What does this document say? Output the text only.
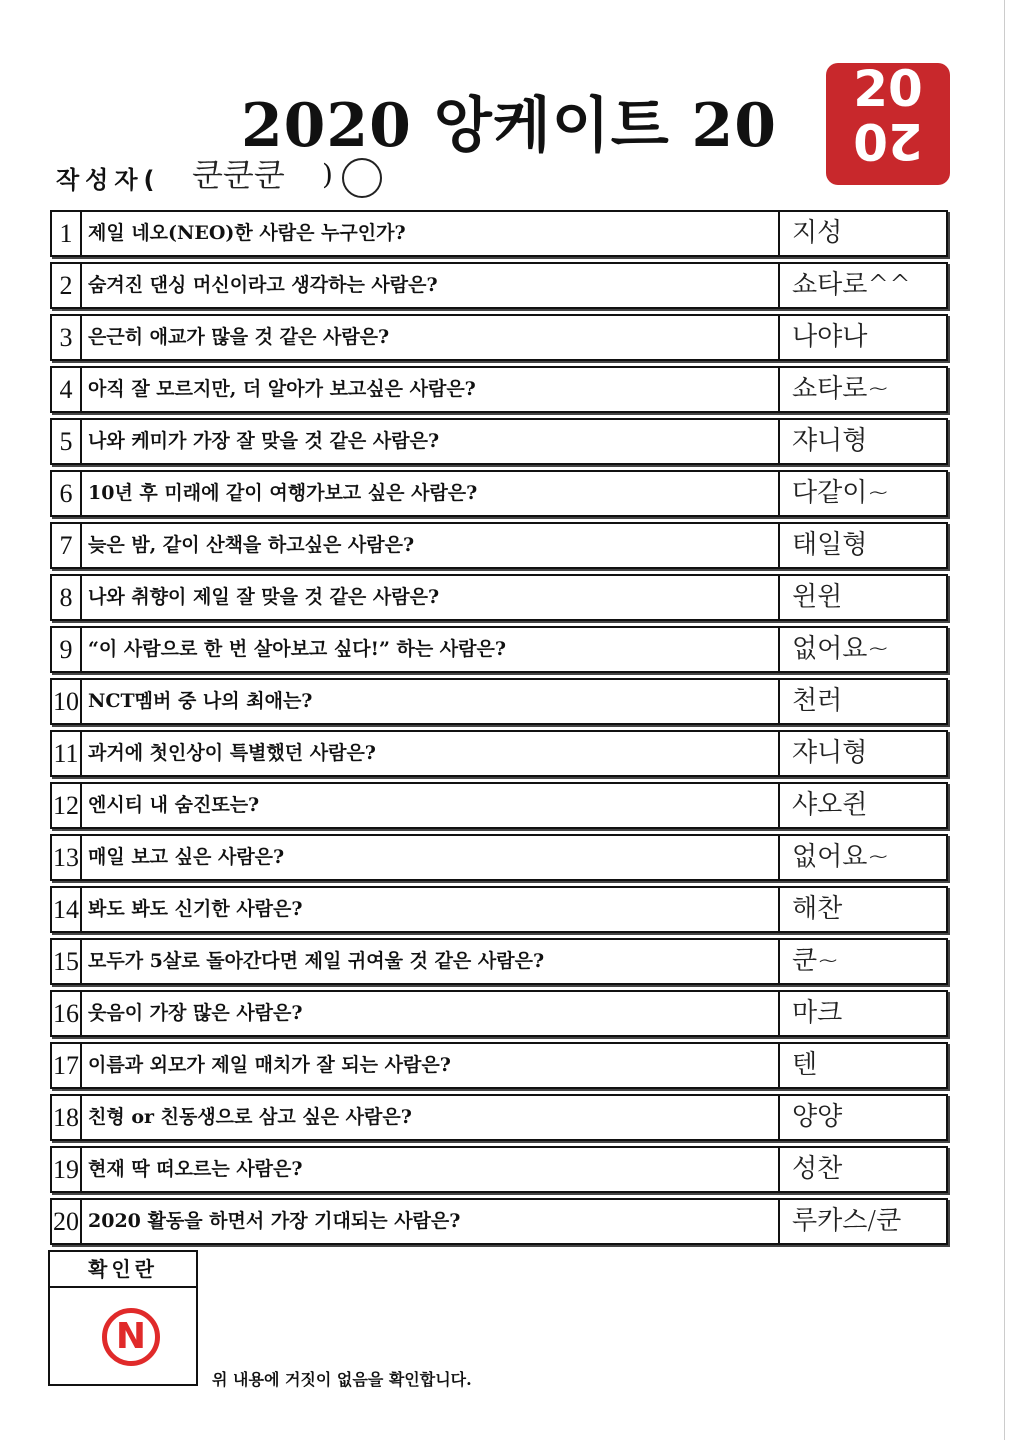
2020 앙케이트 20
20
20
작성자( 쿤쿤쿤 )
1 제일 네오(NEO)한 사람은 누구인가?	지성
2 숨겨진 댄싱 머신이라고 생각하는 사람은?	쇼타로^^
3 은근히 애교가 많을 것 같은 사람은?	나야나
4 아직 잘 모르지만, 더 알아가 보고싶은 사람은?	쇼타로~
5 나와 케미가 가장 잘 맞을 것 같은 사람은?	쟈니형
6 10년 후 미래에 같이 여행가보고 싶은 사람은?	다같이~
7 늦은 밤, 같이 산책을 하고싶은 사람은?	태일형
8 나와 취향이 제일 잘 맞을 것 같은 사람은?	윈윈
9 “이 사람으로 한 번 살아보고 싶다!” 하는 사람은?	없어요~
10 NCT멤버 중 나의 최애는?	천러
11 과거에 첫인상이 특별했던 사람은?	쟈니형
12 엔시티 내 숨진또는?	샤오쥔
13 매일 보고 싶은 사람은?	없어요~
14 봐도 봐도 신기한 사람은?	해찬
15 모두가 5살로 돌아간다면 제일 귀여울 것 같은 사람은?	쿤~
16 웃음이 가장 많은 사람은?	마크
17 이름과 외모가 제일 매치가 잘 되는 사람은?	텐
18 친형 or 친동생으로 삼고 싶은 사람은?	양양
19 현재 딱 떠오르는 사람은?	성찬
20 2020 활동을 하면서 가장 기대되는 사람은?	루카스/쿤
확인란
N
위 내용에 거짓이 없음을 확인합니다.
